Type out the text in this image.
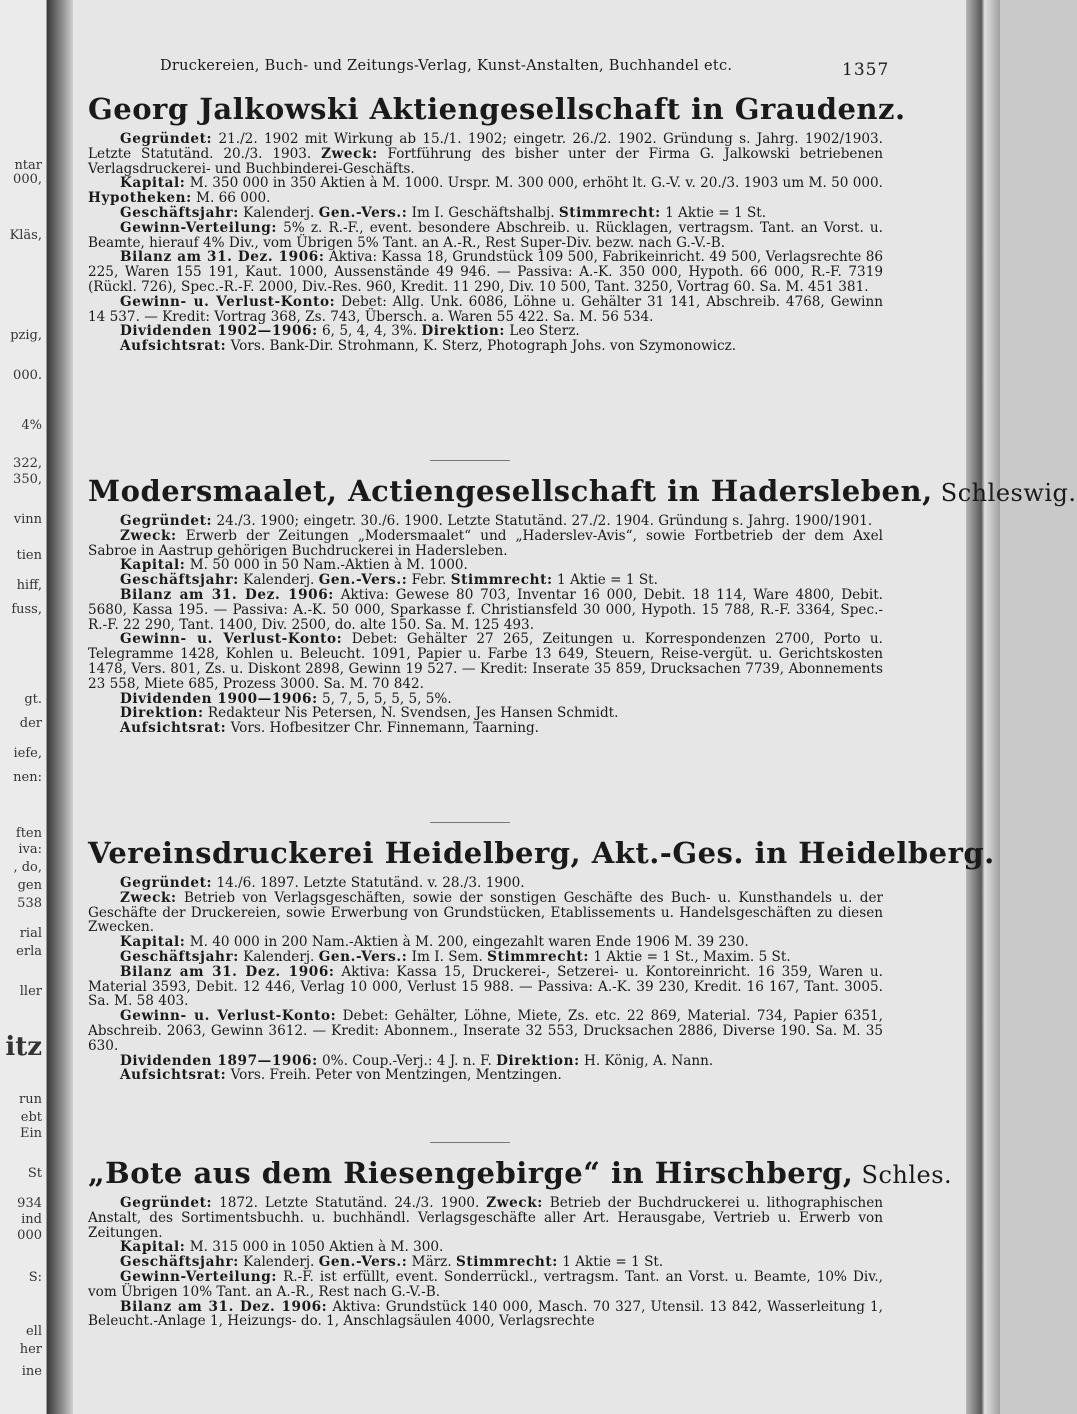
ntar
000,
Kläs,
pzig,
000.
4%
322,
350,
vinn
tien
hiff,
fuss,
gt.
der
iefe,
nen:
ften
iva:
, do,
gen
538
rial
erla
ller
itz
run
ebt
Ein
St
934
ind
000
S:
ell
her
ine
Druckereien, Buch- und Zeitungs-Verlag, Kunst-Anstalten, Buchhandel etc.	1357
Georg Jalkowski Aktiengesellschaft in Graudenz.

Gegründet: 21./2. 1902 mit Wirkung ab 15./1. 1902; eingetr. 26./2. 1902. Gründung s. Jahrg. 1902/1903. Letzte Statutänd. 20./3. 1903. Zweck: Fortführung des bisher unter der Firma G. Jalkowski betriebenen Verlagsdruckerei- und Buchbinderei-Geschäfts.

Kapital: M. 350 000 in 350 Aktien à M. 1000. Urspr. M. 300 000, erhöht lt. G.-V. v. 20./3. 1903 um M. 50 000. Hypotheken: M. 66 000.

Geschäftsjahr: Kalenderj. Gen.-Vers.: Im I. Geschäftshalbj. Stimmrecht: 1 Aktie = 1 St.

Gewinn-Verteilung: 5% z. R.-F., event. besondere Abschreib. u. Rücklagen, vertragsm. Tant. an Vorst. u. Beamte, hierauf 4% Div., vom Übrigen 5% Tant. an A.-R., Rest Super-Div. bezw. nach G.-V.-B.

Bilanz am 31. Dez. 1906: Aktiva: Kassa 18, Grundstück 109 500, Fabrikeinricht. 49 500, Verlagsrechte 86 225, Waren 155 191, Kaut. 1000, Aussenstände 49 946. — Passiva: A.-K. 350 000, Hypoth. 66 000, R.-F. 7319 (Rückl. 726), Spec.-R.-F. 2000, Div.-Res. 960, Kredit. 11 290, Div. 10 500, Tant. 3250, Vortrag 60. Sa. M. 451 381.

Gewinn- u. Verlust-Konto: Debet: Allg. Unk. 6086, Löhne u. Gehälter 31 141, Abschreib. 4768, Gewinn 14 537. — Kredit: Vortrag 368, Zs. 743, Übersch. a. Waren 55 422. Sa. M. 56 534.

Dividenden 1902—1906: 6, 5, 4, 4, 3%. Direktion: Leo Sterz.

Aufsichtsrat: Vors. Bank-Dir. Strohmann, K. Sterz, Photograph Johs. von Szymonowicz.

Modersmaalet, Actiengesellschaft in Hadersleben, Schleswig.

Gegründet: 24./3. 1900; eingetr. 30./6. 1900. Letzte Statutänd. 27./2. 1904. Gründung s. Jahrg. 1900/1901.

Zweck: Erwerb der Zeitungen „Modersmaalet“ und „Haderslev-Avis“, sowie Fortbetrieb der dem Axel Sabroe in Aastrup gehörigen Buchdruckerei in Hadersleben.

Kapital: M. 50 000 in 50 Nam.-Aktien à M. 1000.

Geschäftsjahr: Kalenderj. Gen.-Vers.: Febr. Stimmrecht: 1 Aktie = 1 St.

Bilanz am 31. Dez. 1906: Aktiva: Gewese 80 703, Inventar 16 000, Debit. 18 114, Ware 4800, Debit. 5680, Kassa 195. — Passiva: A.-K. 50 000, Sparkasse f. Christiansfeld 30 000, Hypoth. 15 788, R.-F. 3364, Spec.-R.-F. 22 290, Tant. 1400, Div. 2500, do. alte 150. Sa. M. 125 493.

Gewinn- u. Verlust-Konto: Debet: Gehälter 27 265, Zeitungen u. Korrespondenzen 2700, Porto u. Telegramme 1428, Kohlen u. Beleucht. 1091, Papier u. Farbe 13 649, Steuern, Reise-vergüt. u. Gerichtskosten 1478, Vers. 801, Zs. u. Diskont 2898, Gewinn 19 527. — Kredit: Inserate 35 859, Drucksachen 7739, Abonnements 23 558, Miete 685, Prozess 3000. Sa. M. 70 842.

Dividenden 1900—1906: 5, 7, 5, 5, 5, 5, 5%.

Direktion: Redakteur Nis Petersen, N. Svendsen, Jes Hansen Schmidt.

Aufsichtsrat: Vors. Hofbesitzer Chr. Finnemann, Taarning.

Vereinsdruckerei Heidelberg, Akt.-Ges. in Heidelberg.

Gegründet: 14./6. 1897. Letzte Statutänd. v. 28./3. 1900.

Zweck: Betrieb von Verlagsgeschäften, sowie der sonstigen Geschäfte des Buch- u. Kunsthandels u. der Geschäfte der Druckereien, sowie Erwerbung von Grundstücken, Etablissements u. Handelsgeschäften zu diesen Zwecken.

Kapital: M. 40 000 in 200 Nam.-Aktien à M. 200, eingezahlt waren Ende 1906 M. 39 230.

Geschäftsjahr: Kalenderj. Gen.-Vers.: Im I. Sem. Stimmrecht: 1 Aktie = 1 St., Maxim. 5 St.

Bilanz am 31. Dez. 1906: Aktiva: Kassa 15, Druckerei-, Setzerei- u. Kontoreinricht. 16 359, Waren u. Material 3593, Debit. 12 446, Verlag 10 000, Verlust 15 988. — Passiva: A.-K. 39 230, Kredit. 16 167, Tant. 3005. Sa. M. 58 403.

Gewinn- u. Verlust-Konto: Debet: Gehälter, Löhne, Miete, Zs. etc. 22 869, Material. 734, Papier 6351, Abschreib. 2063, Gewinn 3612. — Kredit: Abonnem., Inserate 32 553, Drucksachen 2886, Diverse 190. Sa. M. 35 630.

Dividenden 1897—1906: 0%. Coup.-Verj.: 4 J. n. F. Direktion: H. König, A. Nann.

Aufsichtsrat: Vors. Freih. Peter von Mentzingen, Mentzingen.

„Bote aus dem Riesengebirge“ in Hirschberg, Schles.

Gegründet: 1872. Letzte Statutänd. 24./3. 1900. Zweck: Betrieb der Buchdruckerei u. lithographischen Anstalt, des Sortimentsbuchh. u. buchhändl. Verlagsgeschäfte aller Art. Herausgabe, Vertrieb u. Erwerb von Zeitungen.

Kapital: M. 315 000 in 1050 Aktien à M. 300.

Geschäftsjahr: Kalenderj. Gen.-Vers.: März. Stimmrecht: 1 Aktie = 1 St.

Gewinn-Verteilung: R.-F. ist erfüllt, event. Sonderrückl., vertragsm. Tant. an Vorst. u. Beamte, 10% Div., vom Übrigen 10% Tant. an A.-R., Rest nach G.-V.-B.

Bilanz am 31. Dez. 1906: Aktiva: Grundstück 140 000, Masch. 70 327, Utensil. 13 842, Wasserleitung 1, Beleucht.-Anlage 1, Heizungs- do. 1, Anschlagsäulen 4000, Verlagsrechte
